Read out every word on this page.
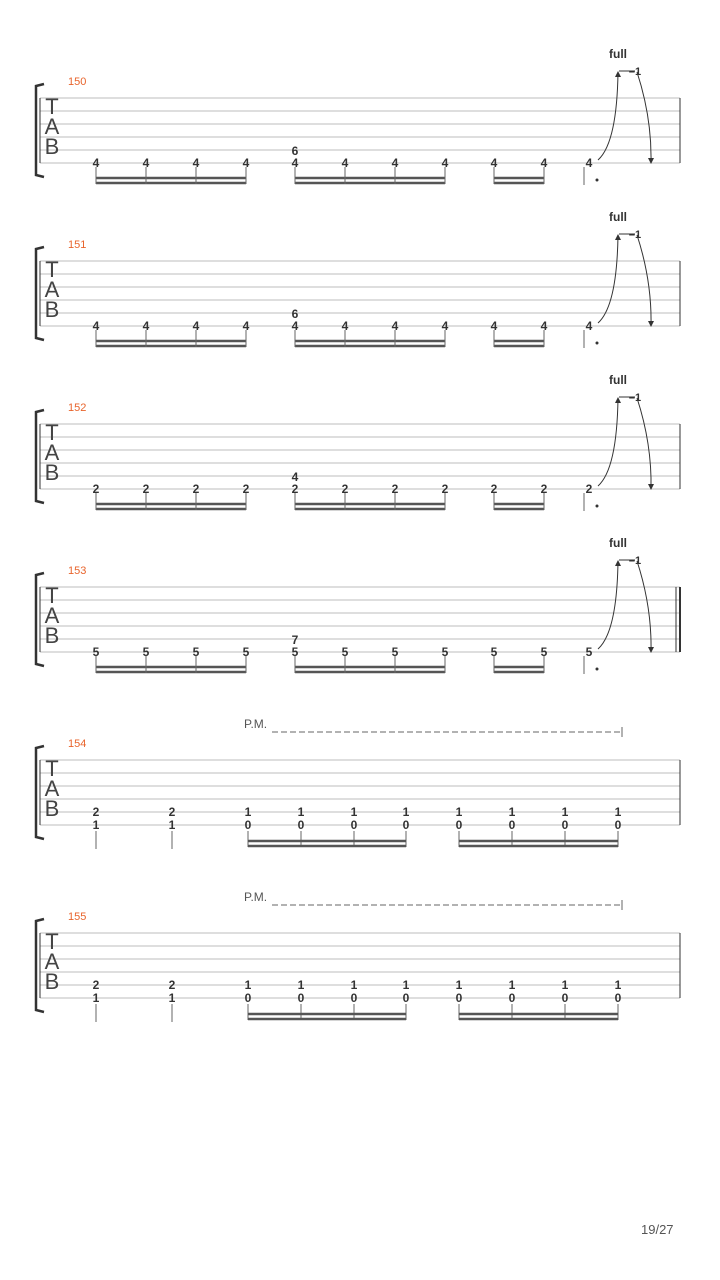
T
A
B
150
4	4	4	4	4
6
4	4	4	4	4	4
full
–1
T
A
B
151
4	4	4	4	4
6
4	4	4	4	4	4
full
–1
T
A
B
152
2	2	2	2	2
4
2	2	2	2	2	2
full
–1
T
A
B
153
5	5	5	5	5
7
5	5	5	5	5	5
full
–1
T
A
B
154
2
1
2
1
1
0
1
0
1
0
1
0
1
0
1
0
1
0
1
0
P.M.
T
A
B
155
2
1
2
1
1
0
1
0
1
0
1
0
1
0
1
0
1
0
1
0
P.M.
19/27
